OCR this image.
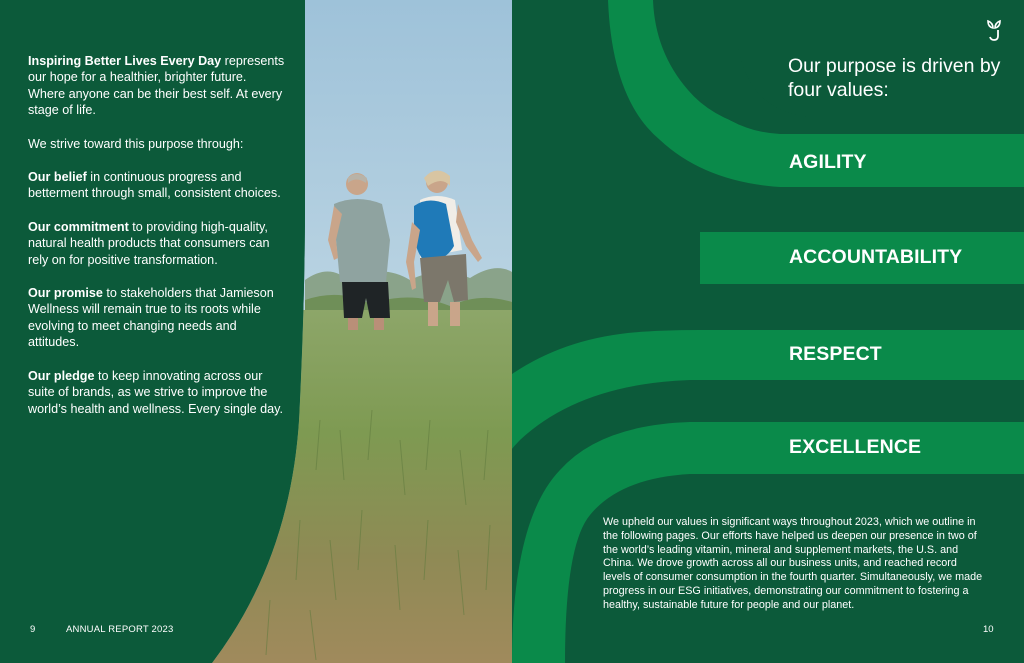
Inspiring Better Lives Every Day represents our hope for a healthier, brighter future. Where anyone can be their best self. At every stage of life.

We strive toward this purpose through:

Our belief in continuous progress and betterment through small, consistent choices.

Our commitment to providing high-quality, natural health products that consumers can rely on for positive transformation.

Our promise to stakeholders that Jamieson Wellness will remain true to its roots while evolving to meet changing needs and attitudes.

Our pledge to keep innovating across our suite of brands, as we strive to improve the world’s health and wellness. Every single day.

9	ANNUAL REPORT 2023	10
Our purpose is driven by four values:
AGILITY
ACCOUNTABILITY
RESPECT
EXCELLENCE

We upheld our values in significant ways throughout 2023, which we outline in the following pages. Our efforts have helped us deepen our presence in two of the world’s leading vitamin, mineral and supplement markets, the U.S. and China. We drove growth across all our business units, and reached record levels of consumer consumption in the fourth quarter. Simultaneously, we made progress in our ESG initiatives, demonstrating our commitment to fostering a healthy, sustainable future for people and our planet.
